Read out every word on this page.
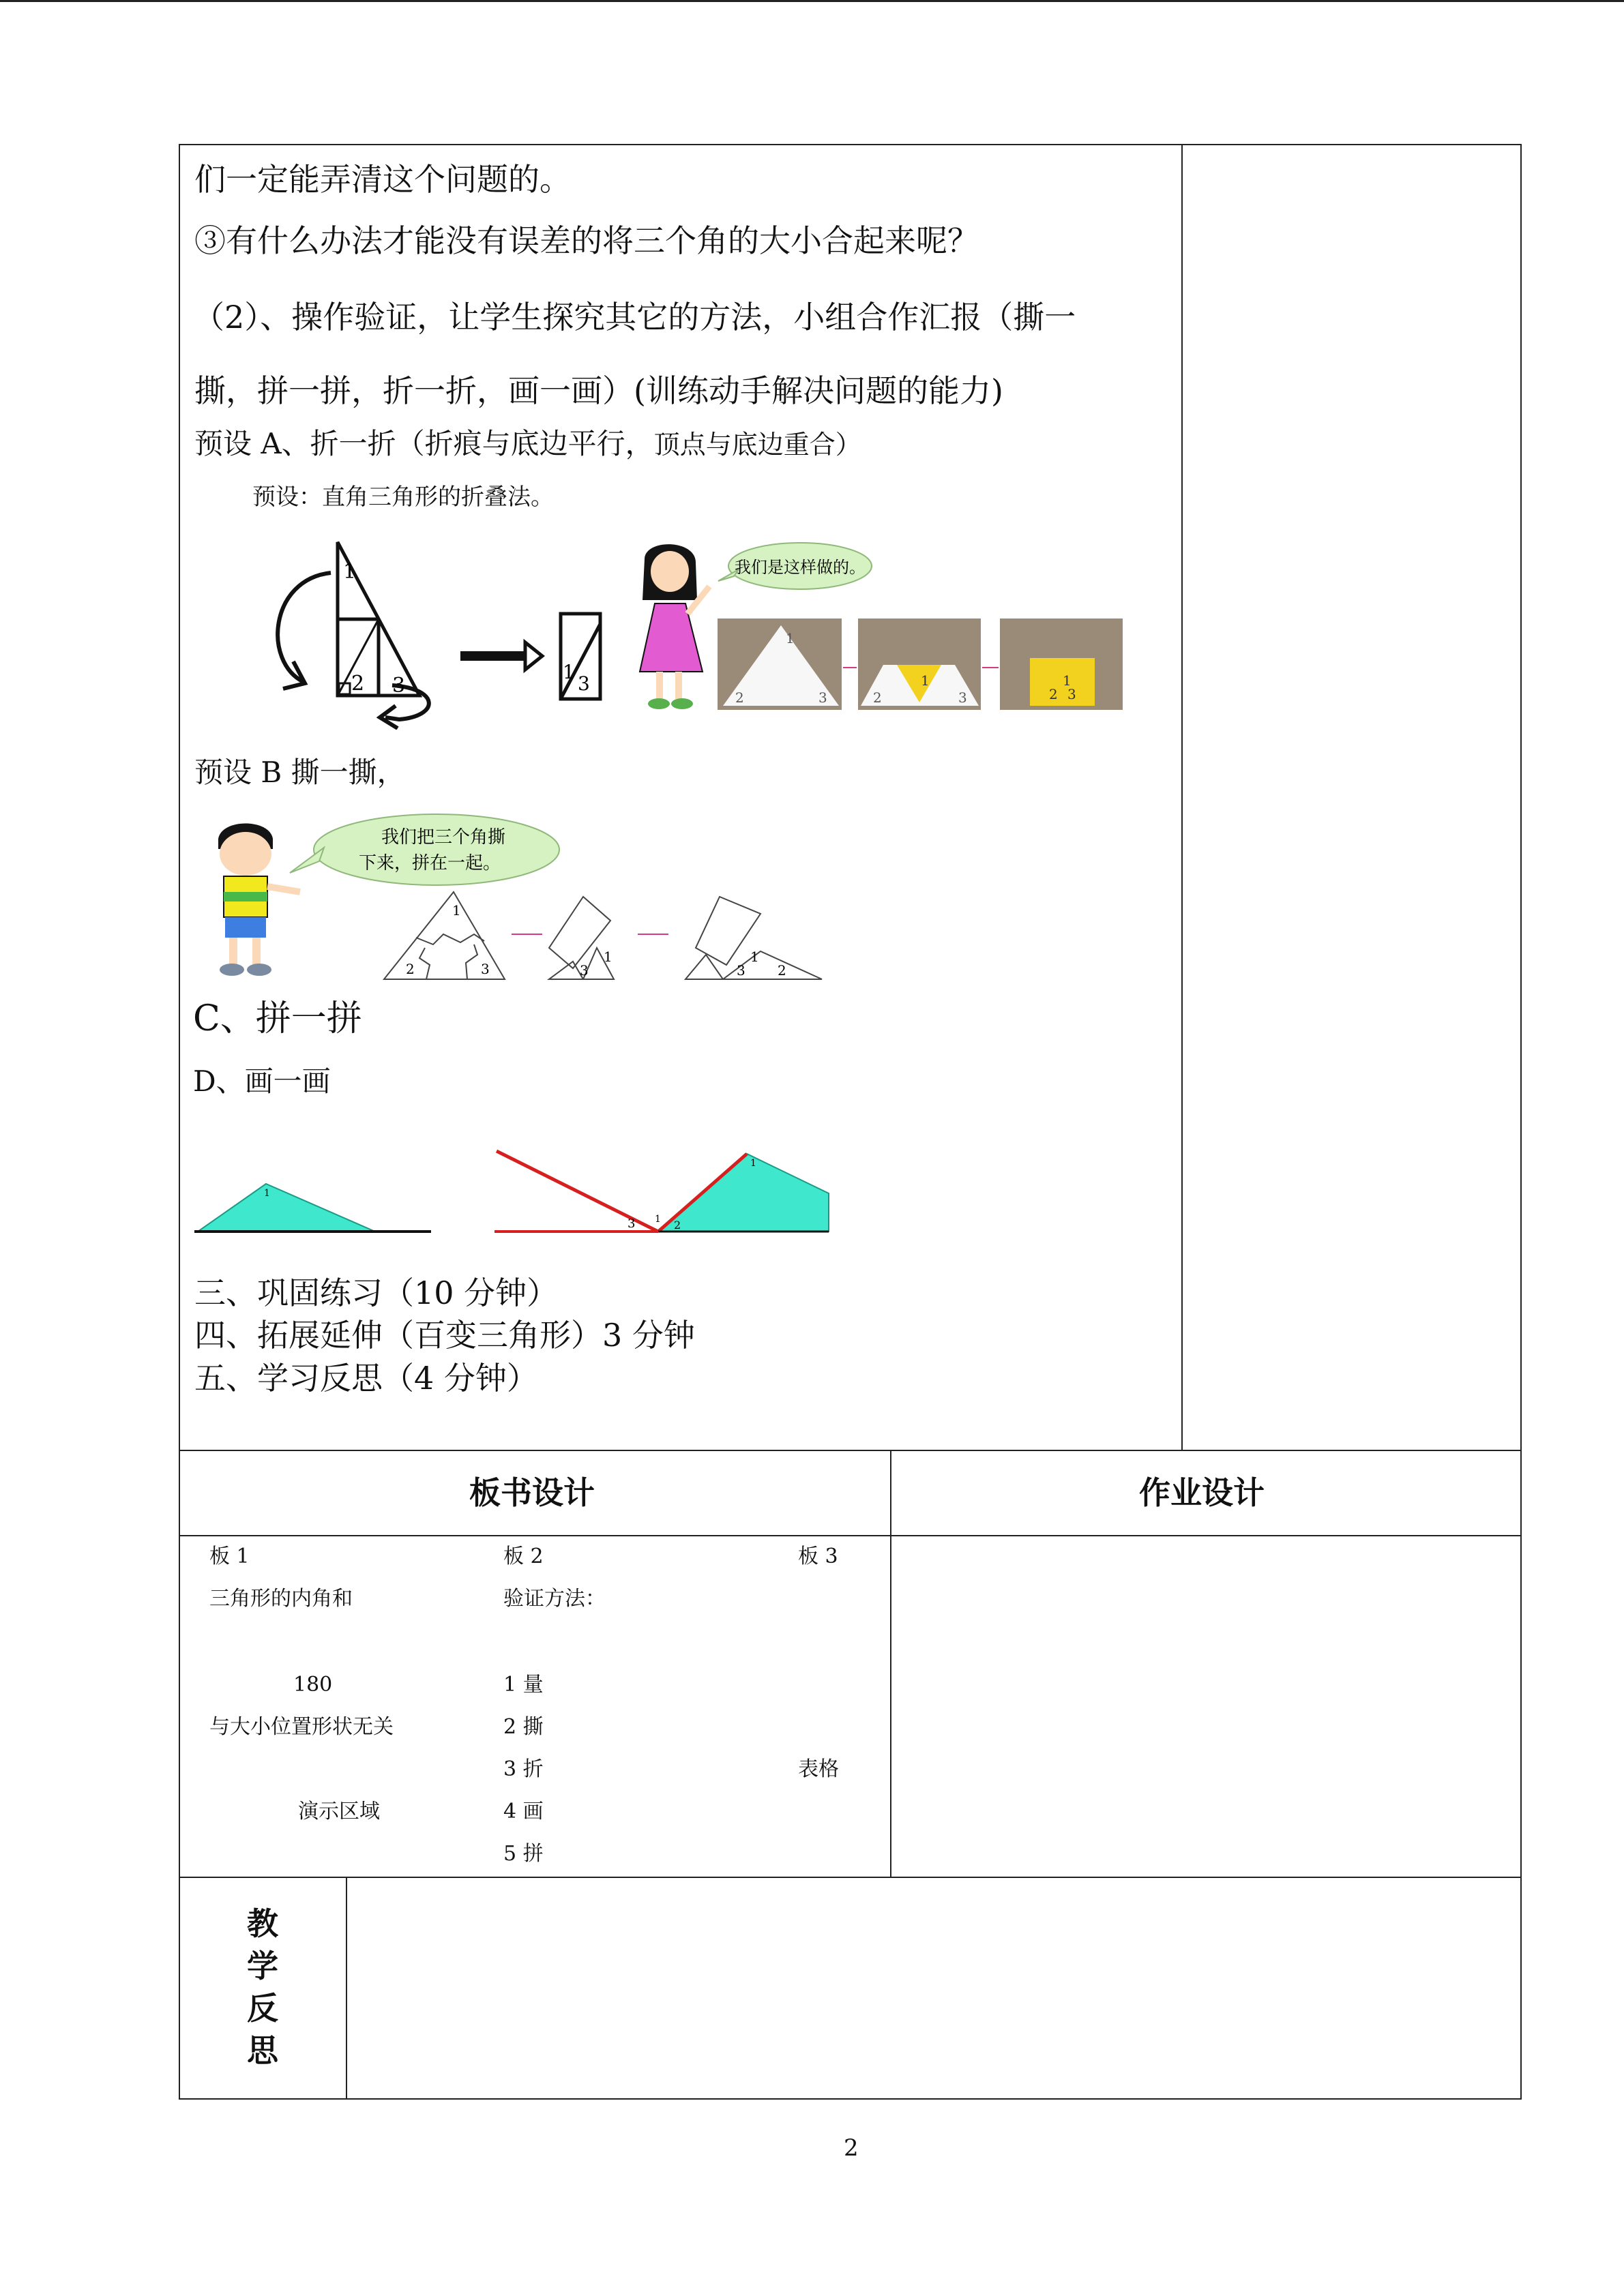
们一定能弄清这个问题的。
③有什么办法才能没有误差的将三个角的大小合起来呢？
（2）、操作验证，让学生探究其它的方法，小组合作汇报（撕一
撕，拼一拼，折一折，画一画）(训练动手解决问题的能力)
预设 A、折一折（折痕与底边平行，顶点与底边重合）
预设：直角三角形的折叠法。
1
2 3
1
3
我们是这样做的。
1
2	3
1
2	3
1
2 3
预设 B 撕一撕，
我们把三个角撕
下来，拼在一起。
1
2	3
1
3
1
2
3
C、拼一拼
D、画一画
1
1
3 1 2
三、巩固练习（10 分钟）
四、拓展延伸（百变三角形）3 分钟
五、学习反思（4 分钟）
板书设计	作业设计
板 1
三角形的内角和
180
与大小位置形状无关
演示区域
板 2
验证方法：
1 量
2 撕
3 折
4 画
5 拼
板 3
表格
教
学
反
思
2
